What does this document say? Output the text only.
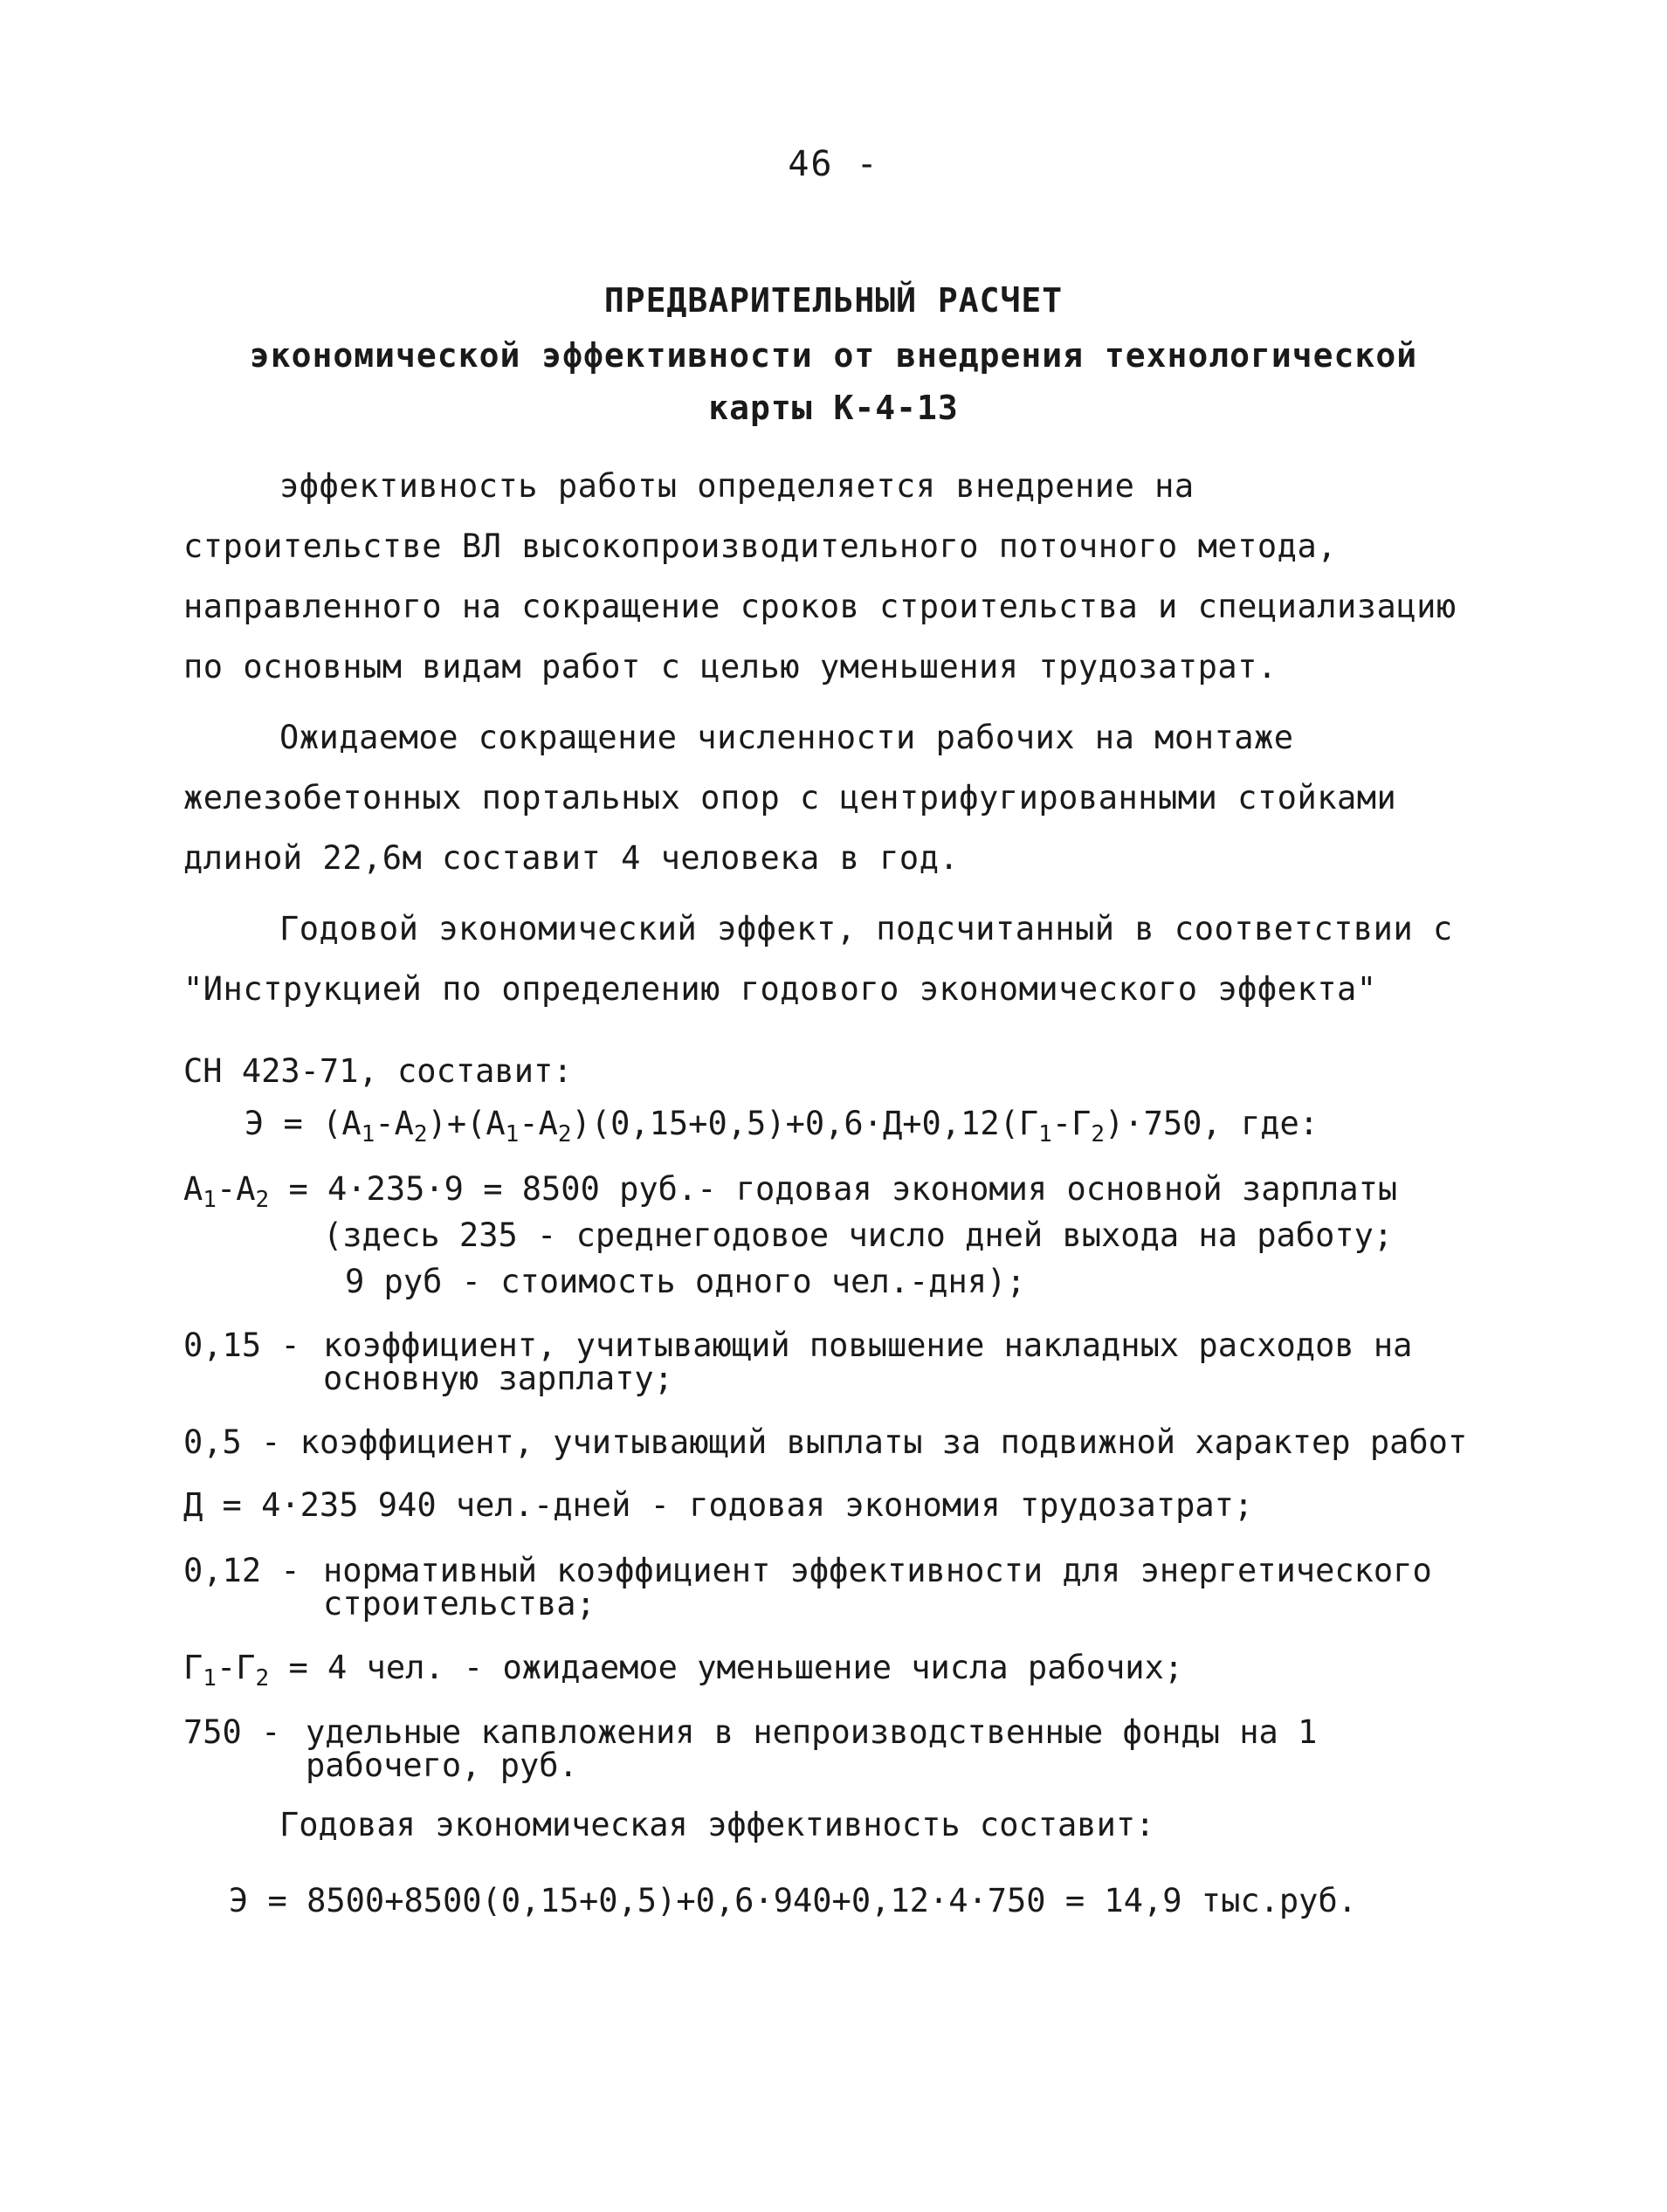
46 -
ПРЕДВАРИТЕЛЬНЫЙ РАСЧЕТ
экономической эффективности от внедрения технологической
карты К-4-13

эффективность работы определяется внедрение на строительстве ВЛ высокопроизводительного поточного метода, направленного на сокращение сроков строительства и специализацию по основным видам работ с целью уменьшения трудозатрат.

Ожидаемое сокращение численности рабочих на монтаже железобетонных портальных опор с центрифугированными стойками длиной 22,6м составит 4 человека в год.

Годовой экономический эффект, подсчитанный в соответствии с "Инструкцией по определению годового экономического эффекта"

СН 423-71, составит:
$Э = (А_1-А_2)+(А_1-А_2)(0,15+0,5)+0,6\cdot Д+0,12(Г_1-Г_2)\cdot 750$, где:
$А_1-А_2 = 4\cdot 235\cdot 9 = 8500$ руб.- годовая экономия основной зарплаты
(здесь 235 - среднегодовое число дней выхода на работу;
9 руб - стоимость одного чел.-дня);
0,15 - коэффициент, учитывающий повышение накладных расходов на основную зарплату;
0,5 - коэффициент, учитывающий выплаты за подвижной характер работ
Д = 4·235 940 чел.-дней - годовая экономия трудозатрат;
0,12 - нормативный коэффициент эффективности для энергетического строительства;
$Г_1-Г_2 = 4$ чел. - ожидаемое уменьшение числа рабочих;
750 - удельные капвложения в непроизводственные фонды на 1 рабочего, руб.
Годовая экономическая эффективность составит:
Э = 8500+8500(0,15+0,5)+0,6·940+0,12·4·750 = 14,9 тыс.руб.
